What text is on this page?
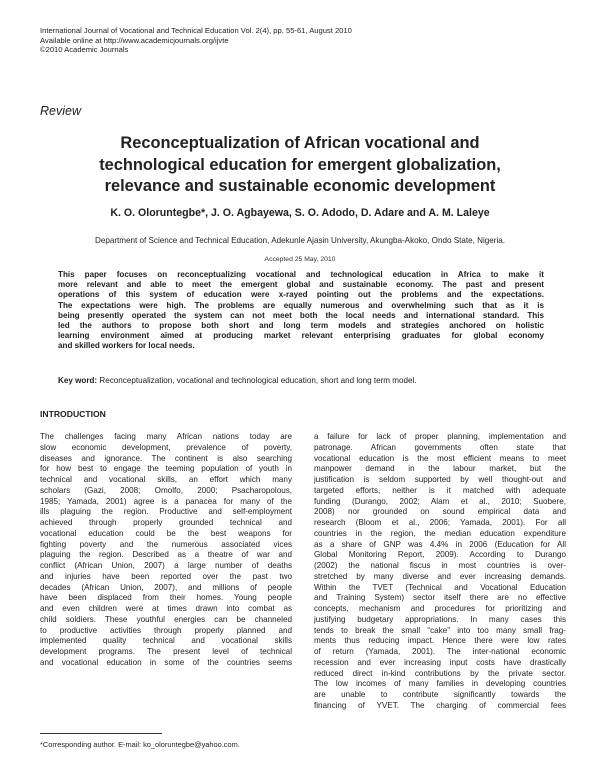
International Journal of Vocational and Technical Education Vol. 2(4), pp. 55-61, August 2010
Available online at http://www.academicjournals.org/ijvte
©2010 Academic Journals
Review
Reconceptualization of African vocational and
technological education for emergent globalization,
relevance and sustainable economic development
K. O. Oloruntegbe*, J. O. Agbayewa, S. O. Adodo, D. Adare and A. M. Laleye
Department of Science and Technical Education, Adekunle Ajasin University, Akungba-Akoko, Ondo State, Nigeria.
Accepted 25 May, 2010
This paper focuses on reconceptualizing vocational and technological education in Africa to make it
more relevant and able to meet the emergent global and sustainable economy. The past and present
operations of this system of education were x-rayed pointing out the problems and the expectations.
The expectations were high. The problems are equally numerous and overwhelming such that as it is
being presently operated the system can not meet both the local needs and international standard. This
led the authors to propose both short and long term models and strategies anchored on holistic
learning environment aimed at producing market relevant enterprising graduates for global economy
and skilled workers for local needs.
Key word: Reconceptualization, vocational and technological education, short and long term model.
INTRODUCTION
The challenges facing many African nations today are
slow economic development, prevalence of poverty,
diseases and ignorance. The continent is also searching
for how best to engage the teeming population of youth in
technical and vocational skills, an effort which many
scholars (Gazi, 2008; Omolfo, 2000; Psacharopolous,
1985; Yamada, 2001) agree is a panacea for many of the
ills plaguing the region. Productive and self-employment
achieved through properly grounded technical and
vocational education could be the best weapons for
fighting poverty and the numerous associated vices
plaguing the region. Described as a theatre of war and
conflict (African Union, 2007) a large number of deaths
and injuries have been reported over the past two
decades (African Union, 2007), and millions of people
have been displaced from their homes. Young people
and even children were at times drawn into combat as
child soldiers. These youthful energies can be channeled
to productive activities through properly planned and
implemented quality technical and vocational skills
development programs. The present level of technical
and vocational education in some of the countries seems
a failure for lack of proper planning, implementation and
patronage. African governments often state that
vocational education is the most efficient means to meet
manpower demand in the labour market, but the
justification is seldom supported by well thought-out and
targeted efforts, neither is it matched with adequate
funding (Durango, 2002; Alam et al., 2010; Suobere,
2008) nor grounded on sound empirical data and
research (Bloom et al., 2006; Yamada, 2001). For all
countries in the region, the median education expenditure
as a share of GNP was 4.4% in 2006 (Education for All
Global Monitoring Report, 2009). According to Durango
(2002) the national fiscus in most countries is over-
stretched by many diverse and ever increasing demands.
Within the TVET (Technical and Vocational Education
and Training System) sector itself there are no effective
concepts, mechanism and procedures for prioritizing and
justifying budgetary appropriations. In many cases this
tends to break the small “cake” into too many small frag-
ments thus reducing impact. Hence there were low rates
of return (Yamada, 2001). The inter-national economic
recession and ever increasing input costs have drastically
reduced direct in-kind contributions by the private sector.
The low incomes of many families in developing countries
are unable to contribute significantly towards the
financing of YVET. The charging of commercial fees
*Corresponding author. E-mail: ko_oloruntegbe@yahoo.com.
